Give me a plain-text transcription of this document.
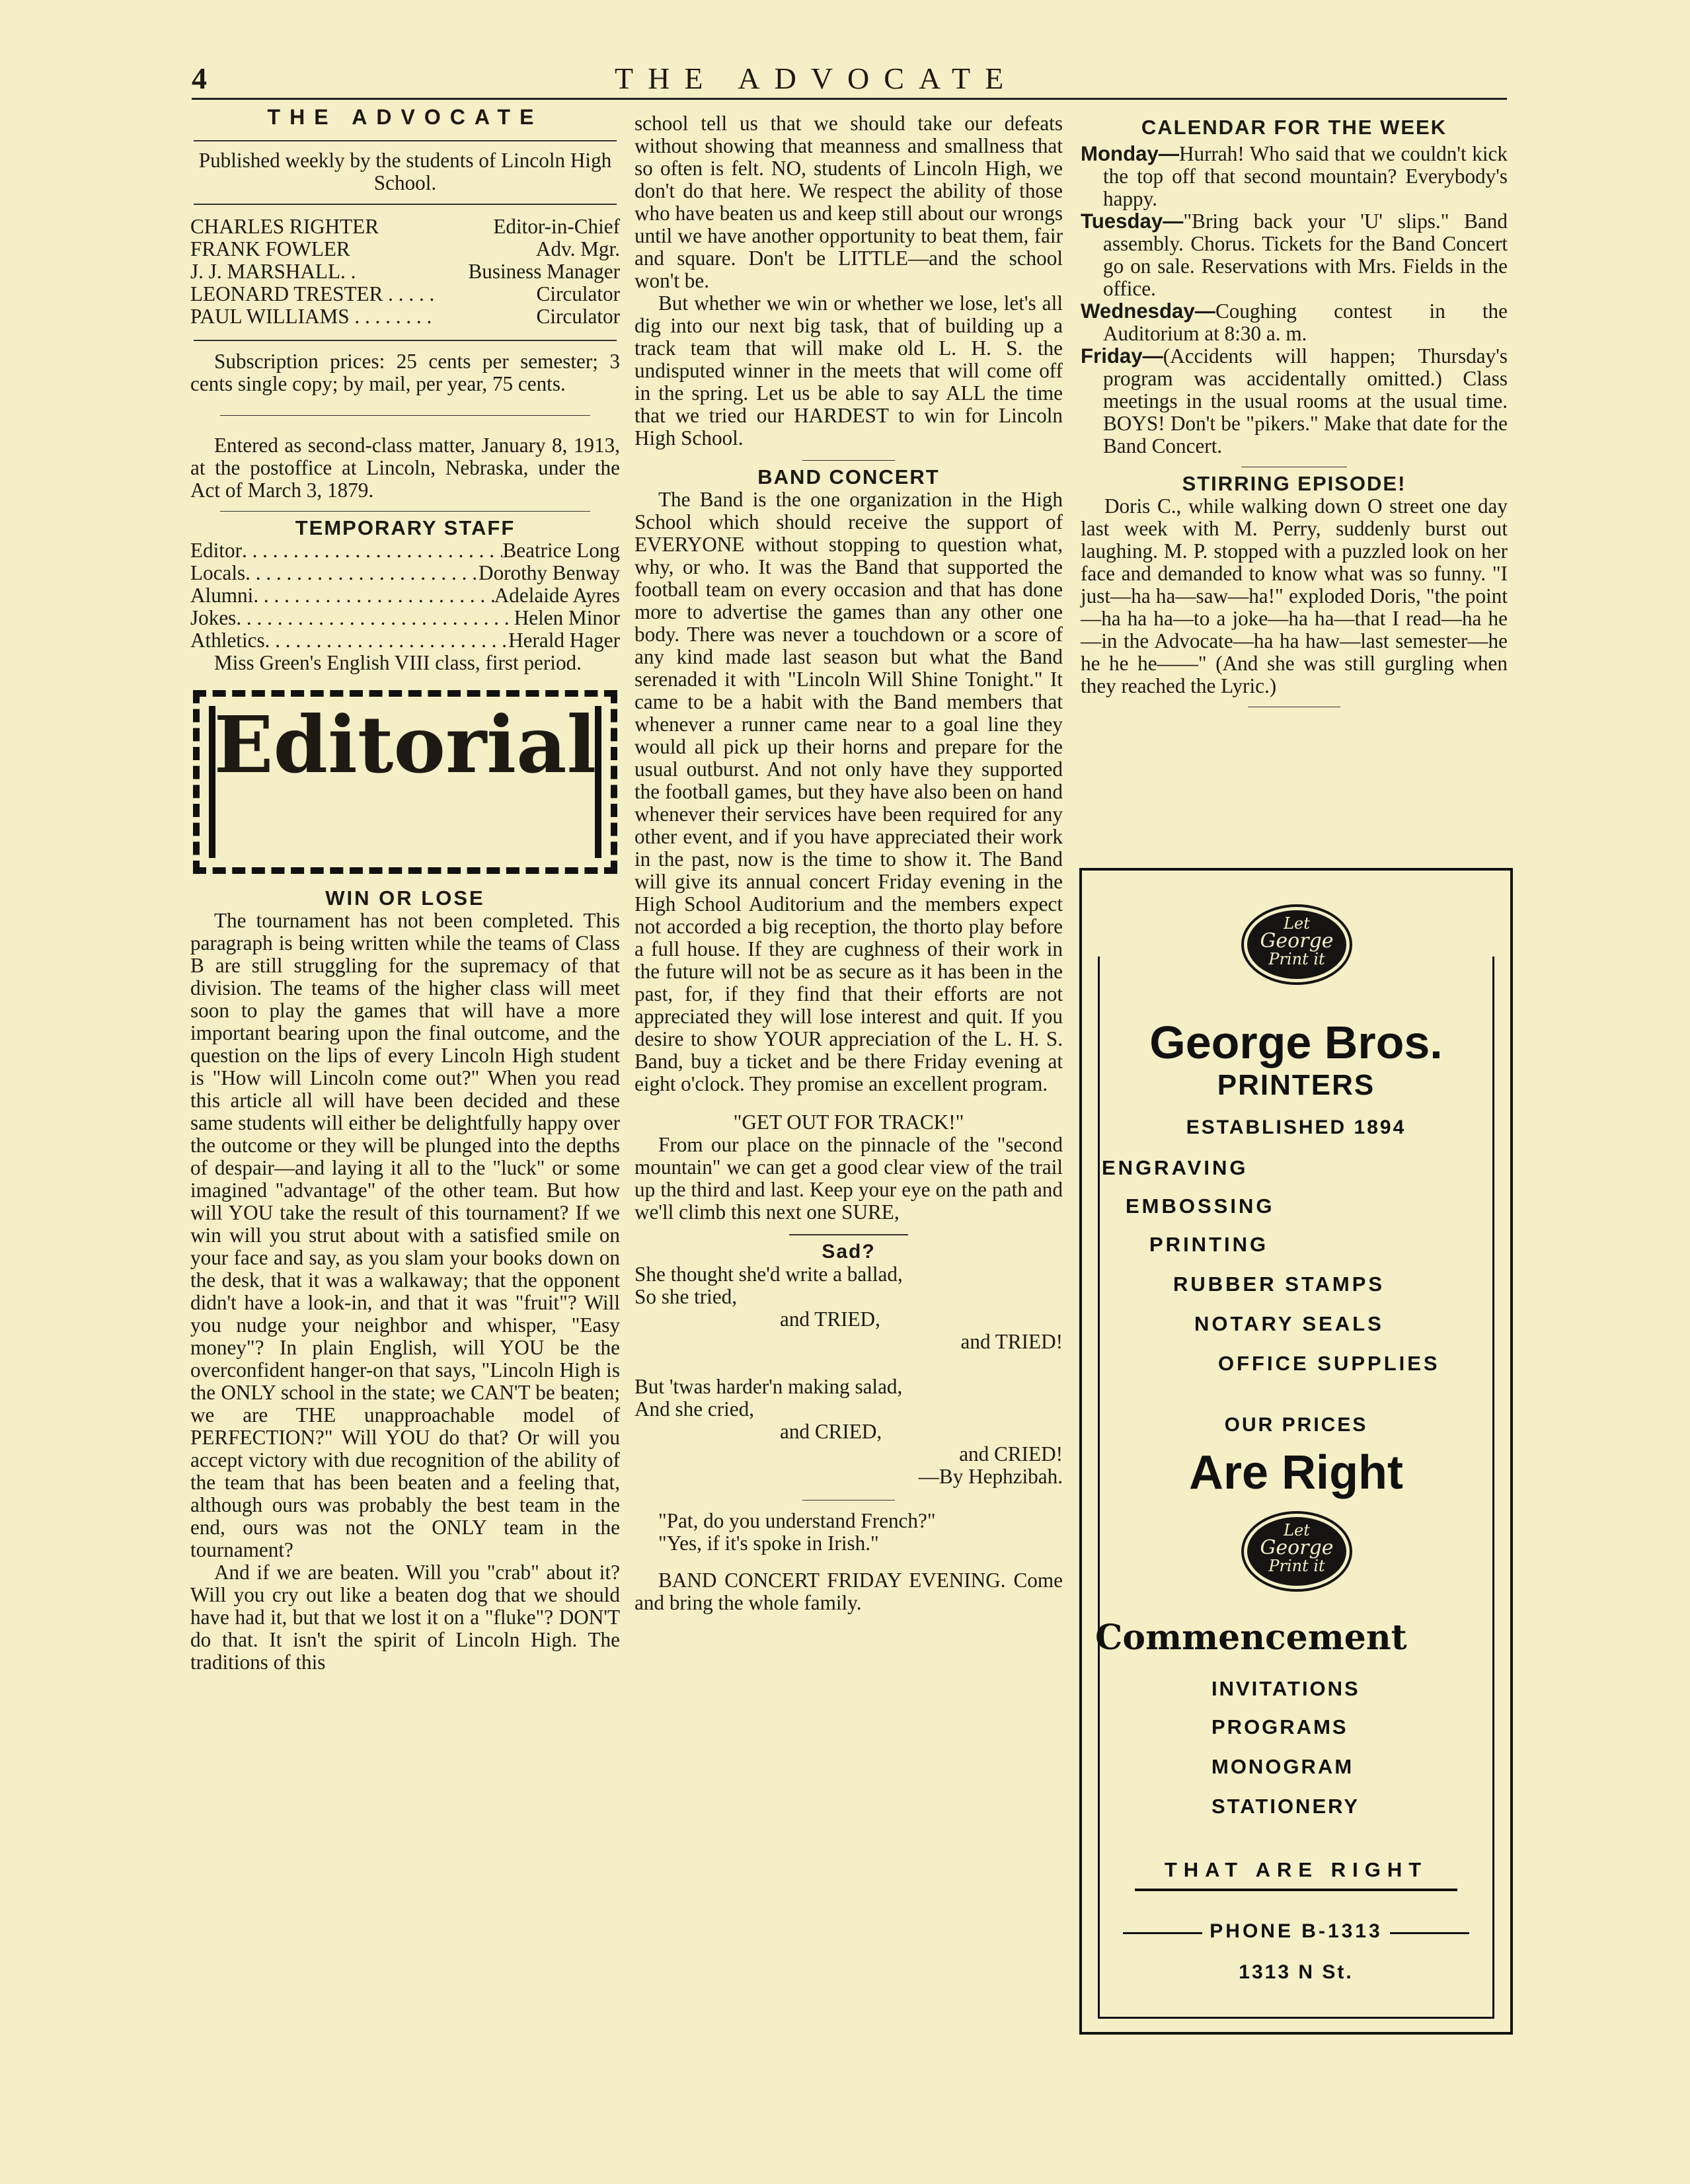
4	THE ADVOCATE
THE ADVOCATE

Published weekly by the students of Lincoln High School.

CHARLES RIGHTER	Editor-in-Chief
FRANK FOWLER	Adv. Mgr.
J. J. MARSHALL. .	Business Manager
LEONARD TRESTER . . . . .	Circulator
PAUL WILLIAMS . . . . . . . .	Circulator

Subscription prices: 25 cents per semester; 3 cents single copy; by mail, per year, 75 cents.

Entered as second-class matter, January 8, 1913, at the postoffice at Lincoln, Nebraska, under the Act of March 3, 1879.

TEMPORARY STAFF
Editor . . .	Beatrice Long
Locals . . .	Dorothy Benway
Alumni . . .	Adelaide Ayres
Jokes . . .	Helen Minor
Athletics . . .	Herald Hager

Miss Green's English VIII class, first period.

Editorial
WIN OR LOSE

The tournament has not been completed. This paragraph is being written while the teams of Class B are still struggling for the supremacy of that division. The teams of the higher class will meet soon to play the games that will have a more important bearing upon the final outcome, and the question on the lips of every Lincoln High student is "How will Lincoln come out?" When you read this article all will have been decided and these same students will either be delightfully happy over the outcome or they will be plunged into the depths of despair—and laying it all to the "luck" or some imagined "advantage" of the other team. But how will YOU take the result of this tournament? If we win will you strut about with a satisfied smile on your face and say, as you slam your books down on the desk, that it was a walkaway; that the opponent didn't have a look-in, and that it was "fruit"? Will you nudge your neighbor and whisper, "Easy money"? In plain English, will YOU be the overconfident hanger-on that says, "Lincoln High is the ONLY school in the state; we CAN'T be beaten; we are THE unapproachable model of PERFECTION?" Will YOU do that? Or will you accept victory with due recognition of the ability of the team that has been beaten and a feeling that, although ours was probably the best team in the end, ours was not the ONLY team in the tournament?

And if we are beaten. Will you "crab" about it? Will you cry out like a beaten dog that we should have had it, but that we lost it on a "fluke"? DON'T do that. It isn't the spirit of Lincoln High. The traditions of this

school tell us that we should take our defeats without showing that meanness and smallness that so often is felt. NO, students of Lincoln High, we don't do that here. We respect the ability of those who have beaten us and keep still about our wrongs until we have another opportunity to beat them, fair and square. Don't be LITTLE—and the school won't be.

But whether we win or whether we lose, let's all dig into our next big task, that of building up a track team that will make old L. H. S. the undisputed winner in the meets that will come off in the spring. Let us be able to say ALL the time that we tried our HARDEST to win for Lincoln High School.

BAND CONCERT

The Band is the one organization in the High School which should receive the support of EVERYONE without stopping to question what, why, or who. It was the Band that supported the football team on every occasion and that has done more to advertise the games than any other one body. There was never a touchdown or a score of any kind made last season but what the Band serenaded it with "Lincoln Will Shine Tonight." It came to be a habit with the Band members that whenever a runner came near to a goal line they would all pick up their horns and prepare for the usual outburst. And not only have they supported the football games, but they have also been on hand whenever their services have been required for any other event, and if you have appreciated their work in the past, now is the time to show it. The Band will give its annual concert Friday evening in the High School Auditorium and the members expect not accorded a big reception, the thorto play before a full house. If they are cughness of their work in the future will not be as secure as it has been in the past, for, if they find that their efforts are not appreciated they will lose interest and quit. If you desire to show YOUR appreciation of the L. H. S. Band, buy a ticket and be there Friday evening at eight o'clock. They promise an excellent program.

"GET OUT FOR TRACK!"

From our place on the pinnacle of the "second mountain" we can get a good clear view of the trail up the third and last. Keep your eye on the path and we'll climb this next one SURE,

Sad?
She thought she'd write a ballad,
So she tried,
and TRIED,
and TRIED!
But 'twas harder'n making salad,
And she cried,
and CRIED,
and CRIED!
—By Hephzibah.

"Pat, do you understand French?"

"Yes, if it's spoke in Irish."

BAND CONCERT FRIDAY EVENING. Come and bring the whole family.

CALENDAR FOR THE WEEK

Monday—Hurrah! Who said that we couldn't kick the top off that second mountain? Everybody's happy.

Tuesday—"Bring back your 'U' slips." Band assembly. Chorus. Tickets for the Band Concert go on sale. Reservations with Mrs. Fields in the office.

Wednesday—Coughing contest in the Auditorium at 8:30 a. m.

Friday—(Accidents will happen; Thursday's program was accidentally omitted.) Class meetings in the usual rooms at the usual time. BOYS! Don't be "pikers." Make that date for the Band Concert.

STIRRING EPISODE!

Doris C., while walking down O street one day last week with M. Perry, suddenly burst out laughing. M. P. stopped with a puzzled look on her face and demanded to know what was so funny. "I just—ha ha—saw—ha!" exploded Doris, "the point—ha ha ha—to a joke—ha ha—that I read—ha he—in the Advocate—ha ha haw—last semester—he he he he——" (And she was still gurgling when they reached the Lyric.)

Let
George
Print it
George Bros.
PRINTERS
ESTABLISHED 1894
ENGRAVING
EMBOSSING
PRINTING
RUBBER STAMPS
NOTARY SEALS
OFFICE SUPPLIES
OUR PRICES
Are Right
Let
George
Print it
Commencement
INVITATIONS
PROGRAMS
MONOGRAM
STATIONERY
THAT ARE RIGHT
PHONE B-1313
1313 N St.
